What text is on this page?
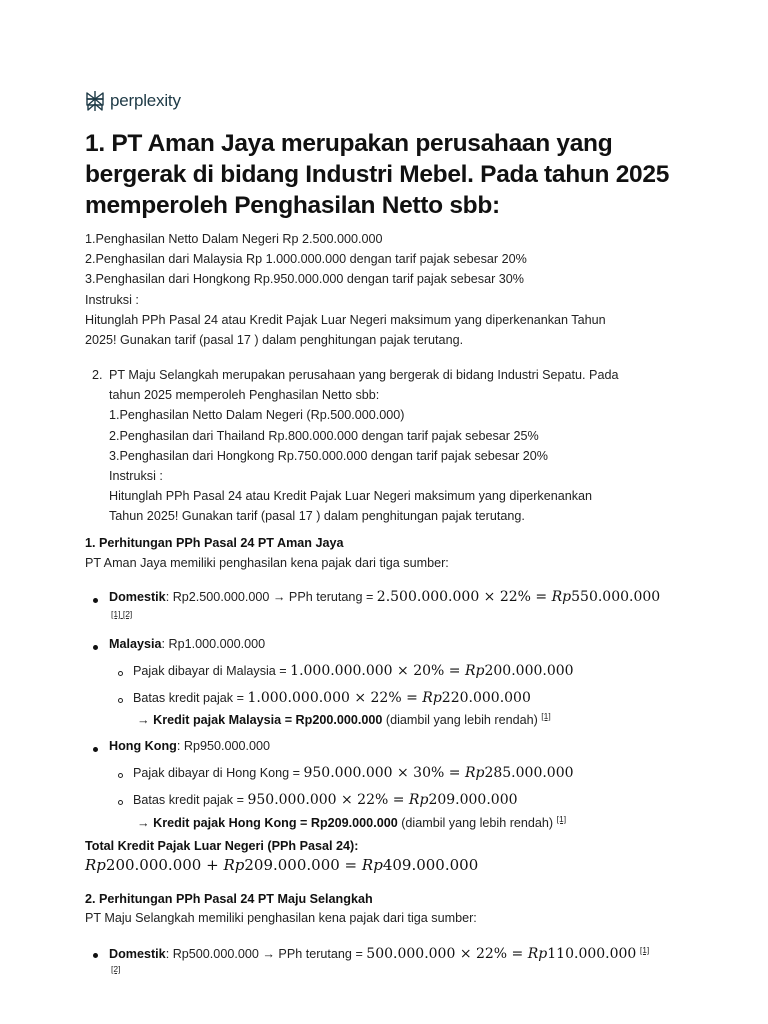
perplexity
1. PT Aman Jaya merupakan perusahaan yang bergerak di bidang Industri Mebel. Pada tahun 2025 memperoleh Penghasilan Netto sbb:
1.Penghasilan Netto Dalam Negeri Rp 2.500.000.000
2.Penghasilan dari Malaysia Rp 1.000.000.000 dengan tarif pajak sebesar 20%
3.Penghasilan dari Hongkong Rp.950.000.000 dengan tarif pajak sebesar 30%
Instruksi :
Hitunglah PPh Pasal 24 atau Kredit Pajak Luar Negeri maksimum yang diperkenankan Tahun
2025! Gunakan tarif (pasal 17 ) dalam penghitungan pajak terutang.
2. PT Maju Selangkah merupakan perusahaan yang bergerak di bidang Industri Sepatu. Pada
tahun 2025 memperoleh Penghasilan Netto sbb:
1.Penghasilan Netto Dalam Negeri (Rp.500.000.000)
2.Penghasilan dari Thailand Rp.800.000.000 dengan tarif pajak sebesar 25%
3.Penghasilan dari Hongkong Rp.750.000.000 dengan tarif pajak sebesar 20%
Instruksi :
Hitunglah PPh Pasal 24 atau Kredit Pajak Luar Negeri maksimum yang diperkenankan
Tahun 2025! Gunakan tarif (pasal 17 ) dalam penghitungan pajak terutang.
1. Perhitungan PPh Pasal 24 PT Aman Jaya
PT Aman Jaya memiliki penghasilan kena pajak dari tiga sumber:
Domestik: Rp2.500.000.000 → PPh terutang = 2.500.000.000 × 22% = Rp550.000.000
[1] [2]
Malaysia: Rp1.000.000.000
Pajak dibayar di Malaysia = 1.000.000.000 × 20% = Rp200.000.000
Batas kredit pajak = 1.000.000.000 × 22% = Rp220.000.000
→ Kredit pajak Malaysia = Rp200.000.000 (diambil yang lebih rendah) [1]
Hong Kong: Rp950.000.000
Pajak dibayar di Hong Kong = 950.000.000 × 30% = Rp285.000.000
Batas kredit pajak = 950.000.000 × 22% = Rp209.000.000
→ Kredit pajak Hong Kong = Rp209.000.000 (diambil yang lebih rendah) [1]
Total Kredit Pajak Luar Negeri (PPh Pasal 24):
Rp200.000.000 + Rp209.000.000 = Rp409.000.000
2. Perhitungan PPh Pasal 24 PT Maju Selangkah
PT Maju Selangkah memiliki penghasilan kena pajak dari tiga sumber:
Domestik: Rp500.000.000 → PPh terutang = 500.000.000 × 22% = Rp110.000.000 [1]
[2]
